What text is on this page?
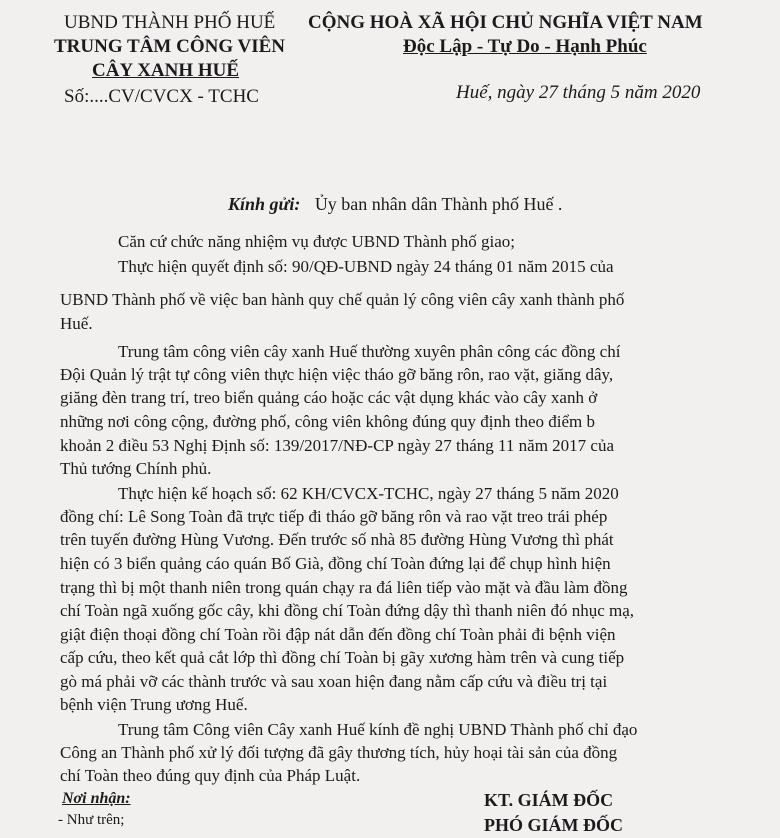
UBND THÀNH PHỐ HUẾ
TRUNG TÂM CÔNG VIÊN
CÂY XANH HUẾ
Số:....CV/CVCX - TCHC
CỘNG HOÀ XÃ HỘI CHỦ NGHĨA VIỆT NAM
Độc Lập - Tự Do - Hạnh Phúc
Huế, ngày 27 tháng 5 năm 2020
Kính gửi: Ủy ban nhân dân Thành phố Huế .
Căn cứ chức năng nhiệm vụ được UBND Thành phố giao;
Thực hiện quyết định số: 90/QĐ-UBND ngày 24 tháng 01 năm 2015 của
UBND Thành phố về việc ban hành quy chế quản lý công viên cây xanh thành phố
Huế.
Trung tâm công viên cây xanh Huế thường xuyên phân công các đồng chí
Đội Quản lý trật tự công viên thực hiện việc tháo gỡ băng rôn, rao vặt, giăng dây,
giăng đèn trang trí, treo biển quảng cáo hoặc các vật dụng khác vào cây xanh ở
những nơi công cộng, đường phố, công viên không đúng quy định theo điểm b
khoản 2 điều 53 Nghị Định số: 139/2017/NĐ-CP ngày 27 tháng 11 năm 2017 của
Thủ tướng Chính phủ.
Thực hiện kế hoạch số: 62 KH/CVCX-TCHC, ngày 27 tháng 5 năm 2020
đồng chí: Lê Song Toàn đã trực tiếp đi tháo gỡ băng rôn và rao vặt treo trái phép
trên tuyến đường Hùng Vương. Đến trước số nhà 85 đường Hùng Vương thì phát
hiện có 3 biển quảng cáo quán Bố Già, đồng chí Toàn đứng lại để chụp hình hiện
trạng thì bị một thanh niên trong quán chạy ra đá liên tiếp vào mặt và đầu làm đồng
chí Toàn ngã xuống gốc cây, khi đồng chí Toàn đứng dậy thì thanh niên đó nhục mạ,
giật điện thoại đồng chí Toàn rồi đập nát dẫn đến đồng chí Toàn phải đi bệnh viện
cấp cứu, theo kết quả cắt lớp thì đồng chí Toàn bị gãy xương hàm trên và cung tiếp
gò má phải vỡ các thành trước và sau xoan hiện đang nằm cấp cứu và điều trị tại
bệnh viện Trung ương Huế.
Trung tâm Công viên Cây xanh Huế kính đề nghị UBND Thành phố chỉ đạo
Công an Thành phố xử lý đối tượng đã gây thương tích, hủy hoại tài sản của đồng
chí Toàn theo đúng quy định của Pháp Luật.
Nơi nhận:
- Như trên;
KT. GIÁM ĐỐC
PHÓ GIÁM ĐỐC
